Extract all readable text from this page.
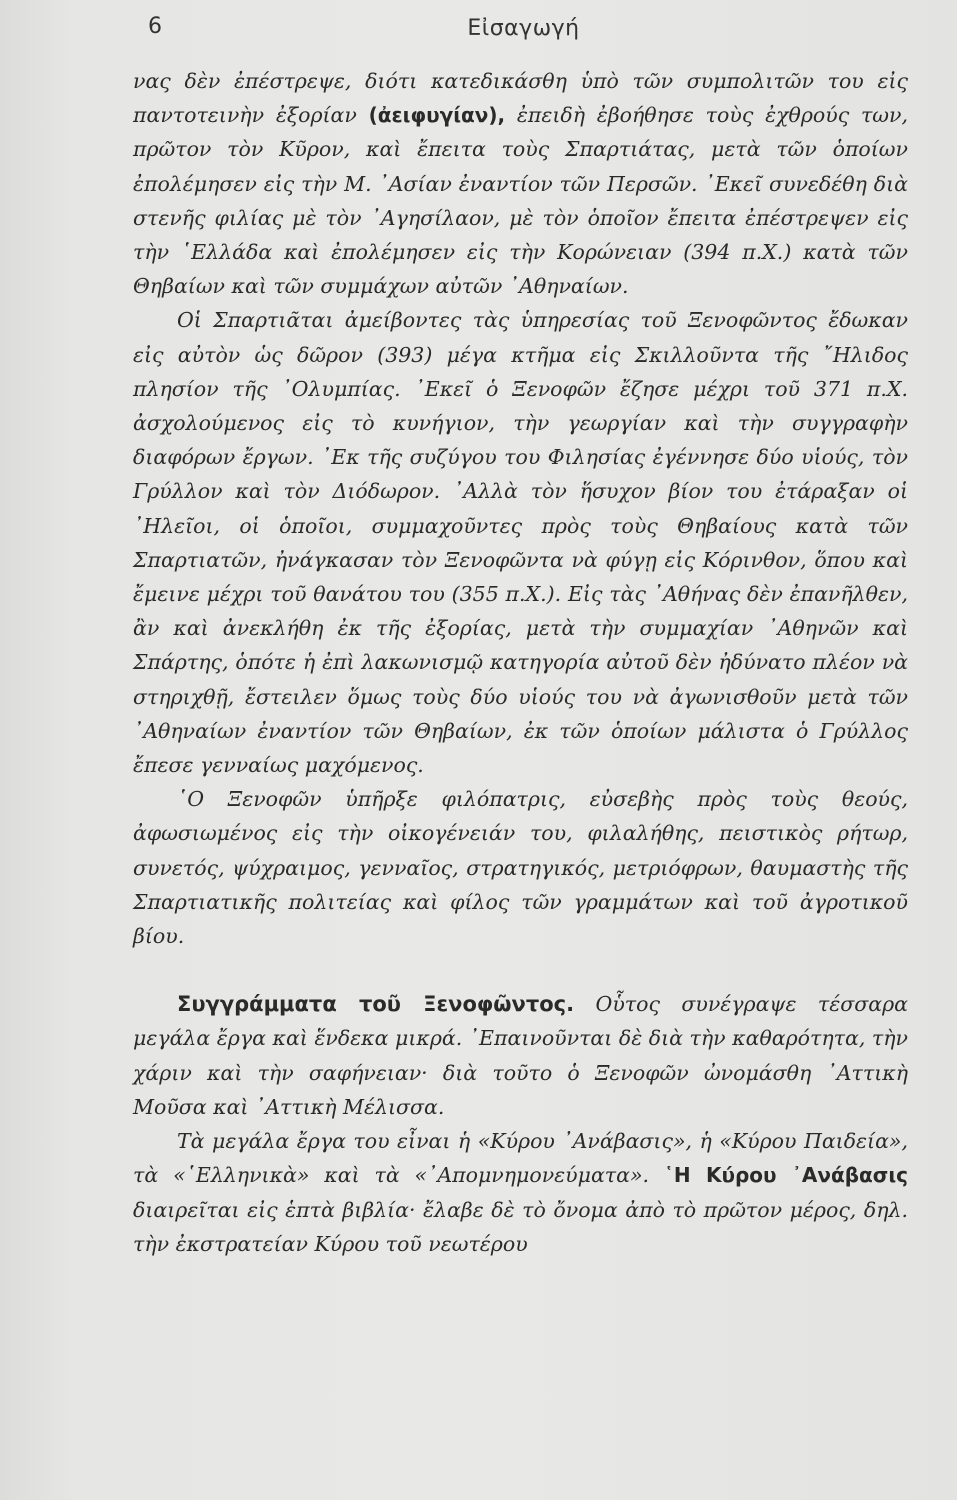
6	Εἰσαγωγή

νας δὲν ἐπέστρεψε, διότι κατεδικάσθη ὑπὸ τῶν συμπολιτῶν του εἰς παντοτεινὴν ἐξορίαν (ἀειφυγίαν), ἐπειδὴ ἐβοήθησε τοὺς ἐχθρούς των, πρῶτον τὸν Κῦρον, καὶ ἔπειτα τοὺς Σπαρτιάτας, μετὰ τῶν ὁποίων ἐπολέμησεν εἰς τὴν Μ. ᾿Ασίαν ἐναντίον τῶν Περσῶν. ᾿Εκεῖ συνεδέθη διὰ στενῆς φιλίας μὲ τὸν ᾿Αγησίλαον, μὲ τὸν ὁποῖον ἔπειτα ἐπέστρεψεν εἰς τὴν ῾Ελλάδα καὶ ἐπολέμησεν εἰς τὴν Κορώνειαν (394 π.Χ.) κατὰ τῶν Θηβαίων καὶ τῶν συμμάχων αὐτῶν ᾿Αθηναίων.

Οἱ Σπαρτιᾶται ἀμείβοντες τὰς ὑπηρεσίας τοῦ Ξενοφῶντος ἔδωκαν εἰς αὐτὸν ὡς δῶρον (393) μέγα κτῆμα εἰς Σκιλλοῦντα τῆς ῎Ηλιδος πλησίον τῆς ᾿Ολυμπίας. ᾿Εκεῖ ὁ Ξενοφῶν ἔζησε μέχρι τοῦ 371 π.Χ. ἀσχολούμενος εἰς τὸ κυνήγιον, τὴν γεωργίαν καὶ τὴν συγγραφὴν διαφόρων ἔργων. ᾿Εκ τῆς συζύγου του Φιλησίας ἐγέννησε δύο υἱούς, τὸν Γρύλλον καὶ τὸν Διόδωρον. ᾿Αλλὰ τὸν ἥσυχον βίον του ἐτάραξαν οἱ ᾿Ηλεῖοι, οἱ ὁποῖοι, συμμαχοῦντες πρὸς τοὺς Θηβαίους κατὰ τῶν Σπαρτιατῶν, ἠνάγκασαν τὸν Ξενοφῶντα νὰ φύγῃ εἰς Κόρινθον, ὅπου καὶ ἔμεινε μέχρι τοῦ θανάτου του (355 π.Χ.). Εἰς τὰς ᾿Αθήνας δὲν ἐπανῆλθεν, ἂν καὶ ἀνεκλήθη ἐκ τῆς ἐξορίας, μετὰ τὴν συμμαχίαν ᾿Αθηνῶν καὶ Σπάρτης, ὁπότε ἡ ἐπὶ λακωνισμῷ κατηγορία αὐτοῦ δὲν ἠδύνατο πλέον νὰ στηριχθῇ, ἔστειλεν ὅμως τοὺς δύο υἱούς του νὰ ἀγωνισθοῦν μετὰ τῶν ᾿Αθηναίων ἐναντίον τῶν Θηβαίων, ἐκ τῶν ὁποίων μάλιστα ὁ Γρύλλος ἔπεσε γενναίως μαχόμενος.

῾Ο Ξενοφῶν ὑπῆρξε φιλόπατρις, εὐσεβὴς πρὸς τοὺς θεούς, ἀφωσιωμένος εἰς τὴν οἰκογένειάν του, φιλαλήθης, πειστικὸς ρήτωρ, συνετός, ψύχραιμος, γενναῖος, στρατηγικός, μετριόφρων, θαυμαστὴς τῆς Σπαρτιατικῆς πολιτείας καὶ φίλος τῶν γραμμάτων καὶ τοῦ ἀγροτικοῦ βίου.

Συγγράμματα τοῦ Ξενοφῶντος. Οὗτος συνέγραψε τέσσαρα μεγάλα ἔργα καὶ ἕνδεκα μικρά. ᾿Επαινοῦνται δὲ διὰ τὴν καθαρότητα, τὴν χάριν καὶ τὴν σαφήνειαν· διὰ τοῦτο ὁ Ξενοφῶν ὠνομάσθη ᾿Αττικὴ Μοῦσα καὶ ᾿Αττικὴ Μέλισσα.

Τὰ μεγάλα ἔργα του εἶναι ἡ «Κύρου ᾿Ανάβασις», ἡ «Κύρου Παιδεία», τὰ «῾Ελληνικὰ» καὶ τὰ «᾿Απομνημονεύματα». ῾Η Κύρου ᾿Ανάβασις διαιρεῖται εἰς ἑπτὰ βιβλία· ἔλαβε δὲ τὸ ὄνομα ἀπὸ τὸ πρῶτον μέρος, δηλ. τὴν ἐκστρατείαν Κύρου τοῦ νεωτέρου
